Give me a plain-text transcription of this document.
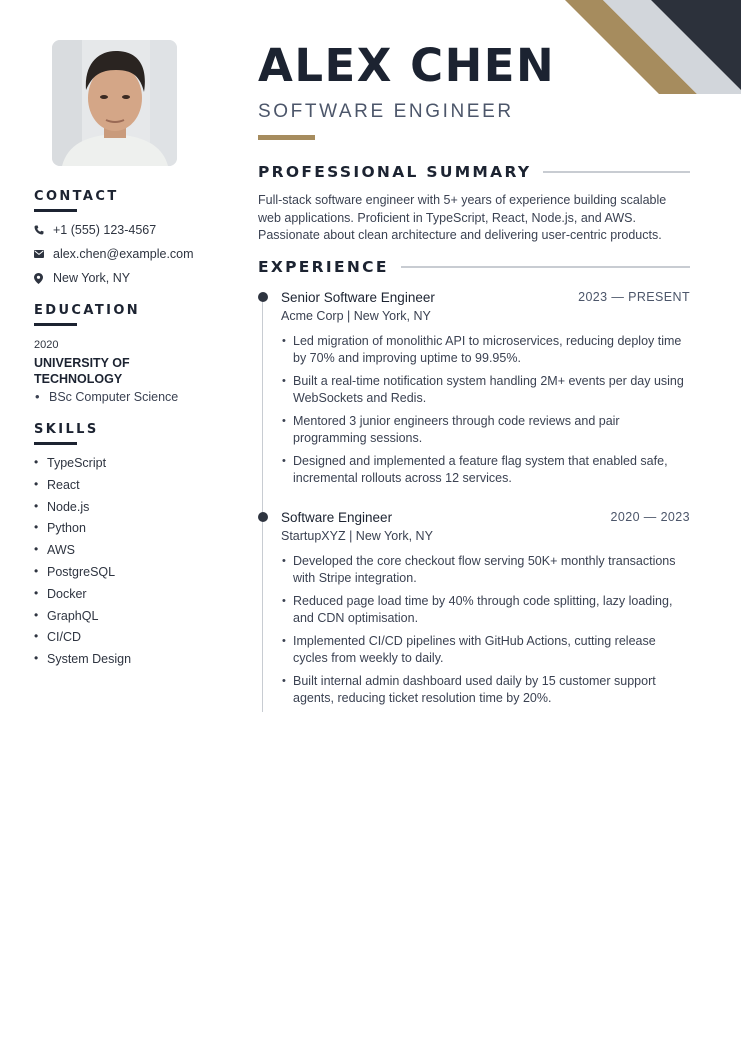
CONTACT
+1 (555) 123-4567
alex.chen@example.com
New York, NY
EDUCATION
2020
UNIVERSITY OF TECHNOLOGY
• BSc Computer Science
SKILLS
• TypeScript
• React
• Node.js
• Python
• AWS
• PostgreSQL
• Docker
• GraphQL
• CI/CD
• System Design
ALEX CHEN
SOFTWARE ENGINEER
PROFESSIONAL SUMMARY
Full-stack software engineer with 5+ years of experience building scalable web applications. Proficient in TypeScript, React, Node.js, and AWS. Passionate about clean architecture and delivering user-centric products.
EXPERIENCE
Senior Software Engineer	2023 — PRESENT
Acme Corp | New York, NY
• Led migration of monolithic API to microservices, reducing deploy time by 70% and improving uptime to 99.95%.
• Built a real-time notification system handling 2M+ events per day using WebSockets and Redis.
• Mentored 3 junior engineers through code reviews and pair programming sessions.
• Designed and implemented a feature flag system that enabled safe, incremental rollouts across 12 services.
Software Engineer	2020 — 2023
StartupXYZ | New York, NY
• Developed the core checkout flow serving 50K+ monthly transactions with Stripe integration.
• Reduced page load time by 40% through code splitting, lazy loading, and CDN optimisation.
• Implemented CI/CD pipelines with GitHub Actions, cutting release cycles from weekly to daily.
• Built internal admin dashboard used daily by 15 customer support agents, reducing ticket resolution time by 20%.
